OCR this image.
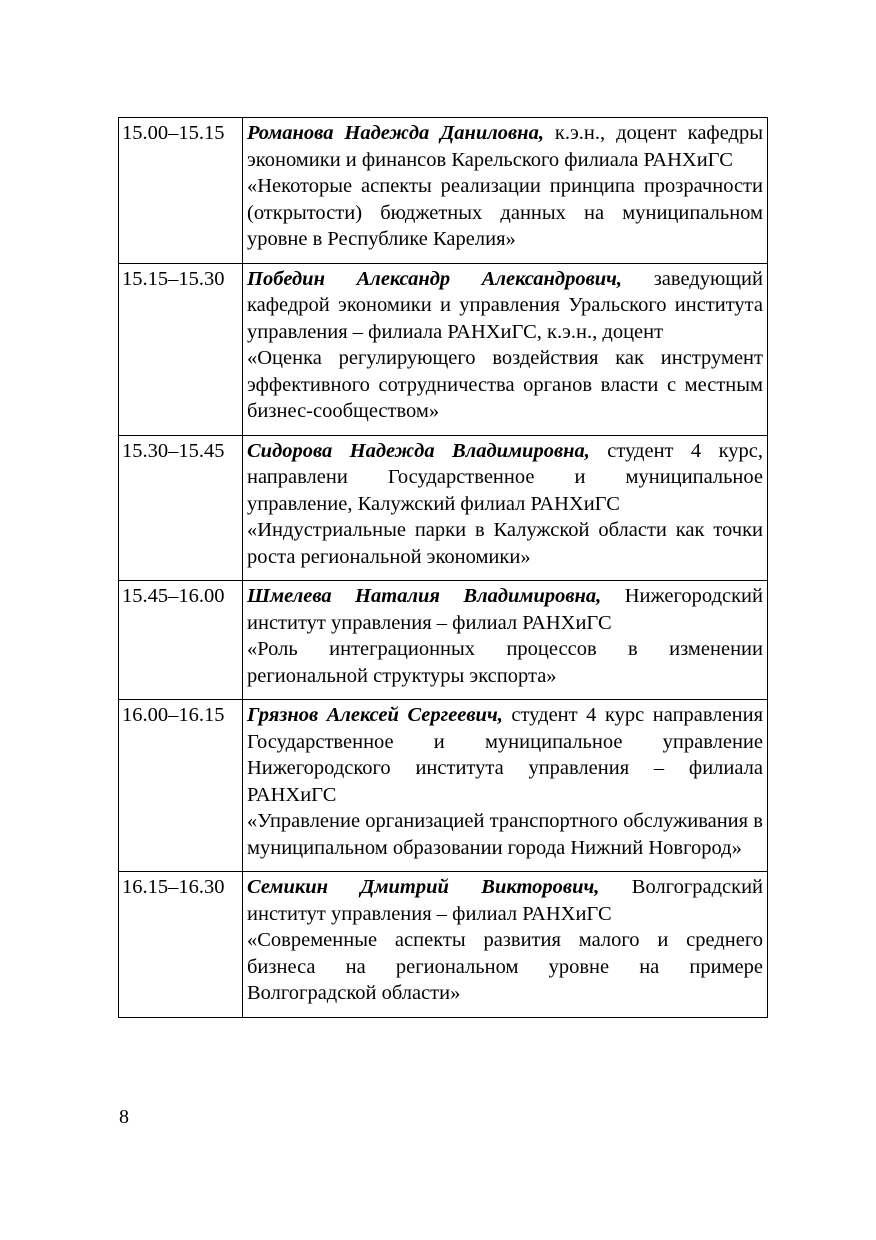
15.00–15.15	Романова Надежда Даниловна, к.э.н., доцент кафедры экономики и финансов Карельского филиала РАНХиГС
«Некоторые аспекты реализации принципа прозрачности (открытости) бюджетных данных на муниципальном уровне в Республике Карелия»

15.15–15.30	Победин Александр Александрович, заведующий кафедрой экономики и управления Уральского института управления – филиала РАНХиГС, к.э.н., доцент
«Оценка регулирующего воздействия как инструмент эффективного сотрудничества органов власти с местным бизнес-сообществом»

15.30–15.45	Сидорова Надежда Владимировна, студент 4 курс, направлени Государственное и муниципальное управление, Калужский филиал РАНХиГС
«Индустриальные парки в Калужской области как точки роста региональной экономики»

15.45–16.00	Шмелева Наталия Владимировна, Нижегородский институт управления – филиал РАНХиГС
«Роль интеграционных процессов в изменении региональной структуры экспорта»

16.00–16.15	Грязнов Алексей Сергеевич, студент 4 курс направления Государственное и муниципальное управление Нижегородского института управления – филиала РАНХиГС
«Управление организацией транспортного обслуживания в муниципальном образовании города Нижний Новгород»

16.15–16.30	Семикин Дмитрий Викторович, Волгоградский институт управления – филиал РАНХиГС
«Современные аспекты развития малого и среднего бизнеса на региональном уровне на примере Волгоградской области»
8
